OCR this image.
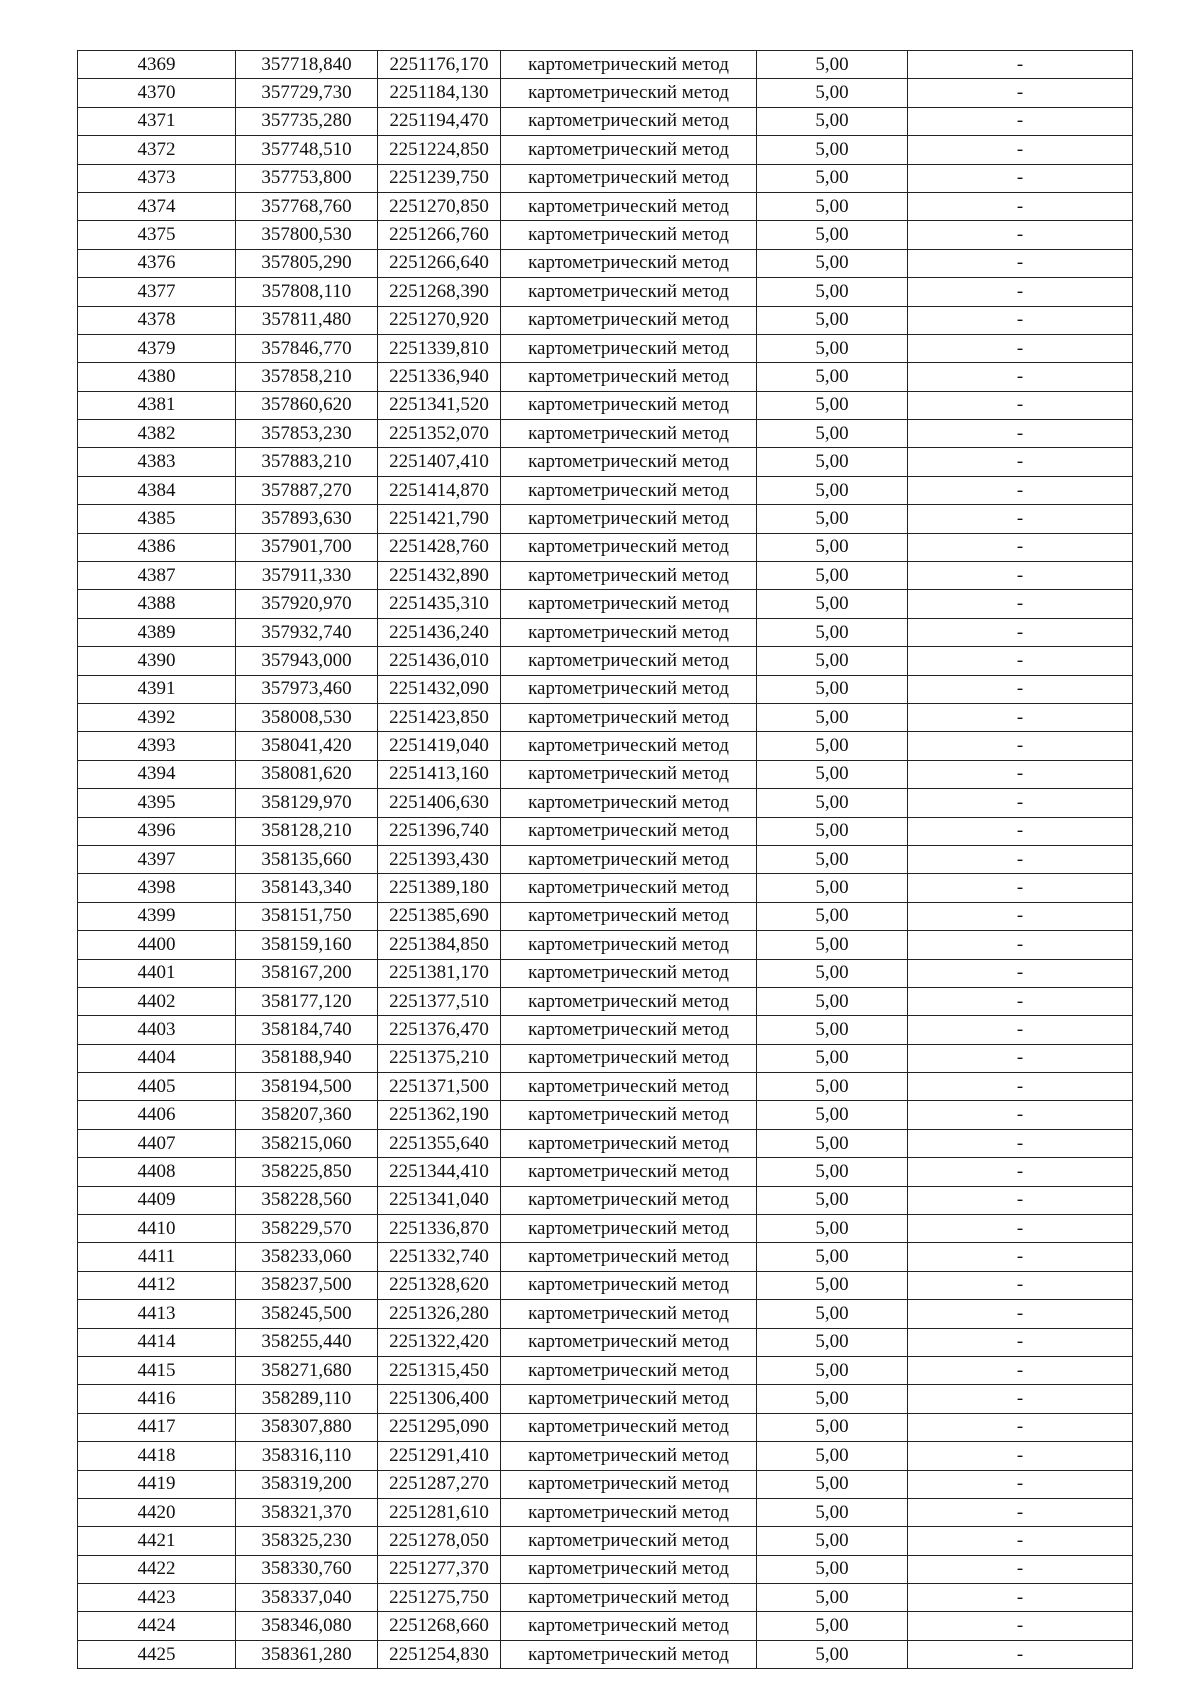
4369	357718,840	2251176,170	картометрический метод	5,00	-
4370	357729,730	2251184,130	картометрический метод	5,00	-
4371	357735,280	2251194,470	картометрический метод	5,00	-
4372	357748,510	2251224,850	картометрический метод	5,00	-
4373	357753,800	2251239,750	картометрический метод	5,00	-
4374	357768,760	2251270,850	картометрический метод	5,00	-
4375	357800,530	2251266,760	картометрический метод	5,00	-
4376	357805,290	2251266,640	картометрический метод	5,00	-
4377	357808,110	2251268,390	картометрический метод	5,00	-
4378	357811,480	2251270,920	картометрический метод	5,00	-
4379	357846,770	2251339,810	картометрический метод	5,00	-
4380	357858,210	2251336,940	картометрический метод	5,00	-
4381	357860,620	2251341,520	картометрический метод	5,00	-
4382	357853,230	2251352,070	картометрический метод	5,00	-
4383	357883,210	2251407,410	картометрический метод	5,00	-
4384	357887,270	2251414,870	картометрический метод	5,00	-
4385	357893,630	2251421,790	картометрический метод	5,00	-
4386	357901,700	2251428,760	картометрический метод	5,00	-
4387	357911,330	2251432,890	картометрический метод	5,00	-
4388	357920,970	2251435,310	картометрический метод	5,00	-
4389	357932,740	2251436,240	картометрический метод	5,00	-
4390	357943,000	2251436,010	картометрический метод	5,00	-
4391	357973,460	2251432,090	картометрический метод	5,00	-
4392	358008,530	2251423,850	картометрический метод	5,00	-
4393	358041,420	2251419,040	картометрический метод	5,00	-
4394	358081,620	2251413,160	картометрический метод	5,00	-
4395	358129,970	2251406,630	картометрический метод	5,00	-
4396	358128,210	2251396,740	картометрический метод	5,00	-
4397	358135,660	2251393,430	картометрический метод	5,00	-
4398	358143,340	2251389,180	картометрический метод	5,00	-
4399	358151,750	2251385,690	картометрический метод	5,00	-
4400	358159,160	2251384,850	картометрический метод	5,00	-
4401	358167,200	2251381,170	картометрический метод	5,00	-
4402	358177,120	2251377,510	картометрический метод	5,00	-
4403	358184,740	2251376,470	картометрический метод	5,00	-
4404	358188,940	2251375,210	картометрический метод	5,00	-
4405	358194,500	2251371,500	картометрический метод	5,00	-
4406	358207,360	2251362,190	картометрический метод	5,00	-
4407	358215,060	2251355,640	картометрический метод	5,00	-
4408	358225,850	2251344,410	картометрический метод	5,00	-
4409	358228,560	2251341,040	картометрический метод	5,00	-
4410	358229,570	2251336,870	картометрический метод	5,00	-
4411	358233,060	2251332,740	картометрический метод	5,00	-
4412	358237,500	2251328,620	картометрический метод	5,00	-
4413	358245,500	2251326,280	картометрический метод	5,00	-
4414	358255,440	2251322,420	картометрический метод	5,00	-
4415	358271,680	2251315,450	картометрический метод	5,00	-
4416	358289,110	2251306,400	картометрический метод	5,00	-
4417	358307,880	2251295,090	картометрический метод	5,00	-
4418	358316,110	2251291,410	картометрический метод	5,00	-
4419	358319,200	2251287,270	картометрический метод	5,00	-
4420	358321,370	2251281,610	картометрический метод	5,00	-
4421	358325,230	2251278,050	картометрический метод	5,00	-
4422	358330,760	2251277,370	картометрический метод	5,00	-
4423	358337,040	2251275,750	картометрический метод	5,00	-
4424	358346,080	2251268,660	картометрический метод	5,00	-
4425	358361,280	2251254,830	картометрический метод	5,00	-
